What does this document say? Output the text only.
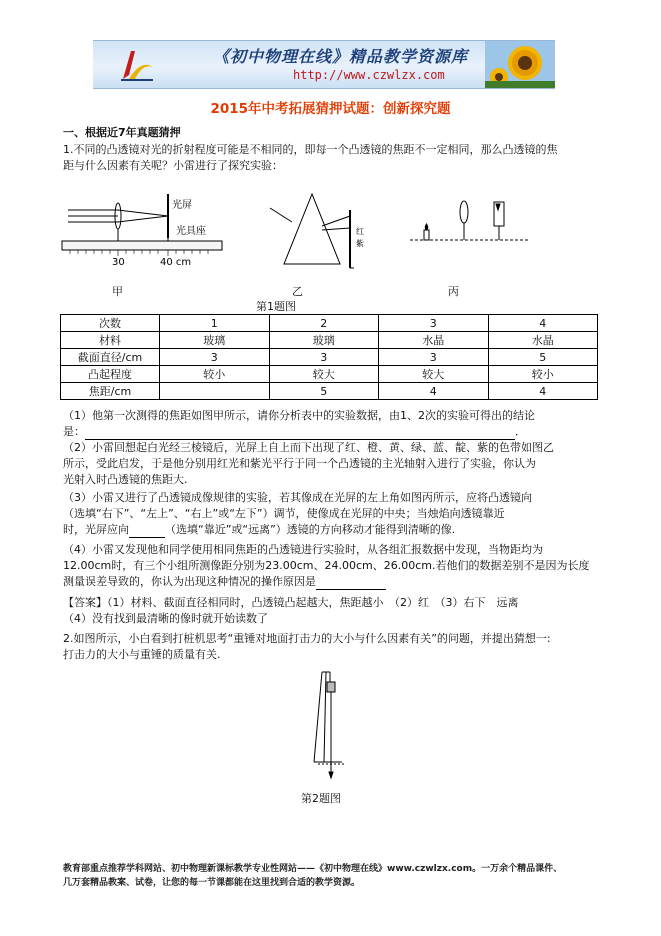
《初中物理在线》精品教学资源库
http://www.czwlzx.com
2015年中考拓展猜押试题：创新探究题
一、根据近7年真题猜押
1.不同的凸透镜对光的折射程度可能是不相同的，即每一个凸透镜的焦距不一定相同，那么凸透镜的焦
距与什么因素有关呢？小雷进行了探究实验：
光屏
光具座
30	40 cm
红
紫
甲	乙	丙
第1题图
次数	1	2	3	4
材料	玻璃	玻璃	水晶	水晶
截面直径/cm	3	3	3	5
凸起程度	较小	较大	较大	较小
焦距/cm		5	4	4
（1）他第一次测得的焦距如图甲所示，请你分析表中的实验数据，由1、2次的实验可得出的结论
是：	．
（2）小雷回想起白光经三棱镜后，光屏上自上而下出现了红、橙、黄、绿、蓝、靛、紫的色带如图乙
所示，受此启发，于是他分别用红光和紫光平行于同一个凸透镜的主光轴射入进行了实验，你认为
光射入时凸透镜的焦距大.
（3）小雷又进行了凸透镜成像规律的实验，若其像成在光屏的左上角如图丙所示，应将凸透镜向
（选填“右下”、“左上”、“右上”或“左下”）调节，使像成在光屏的中央；当烛焰向透镜靠近
时，光屏应向	（选填“靠近”或“远离”）透镜的方向移动才能得到清晰的像.
（4）小雷又发现他和同学使用相同焦距的凸透镜进行实验时，从各组汇报数据中发现，当物距均为
12.00cm时，有三个小组所测像距分别为23.00cm、24.00cm、26.00cm.若他们的数据差别不是因为长度
测量误差导致的，你认为出现这种情况的操作原因是
【答案】（1）材料、截面直径相同时，凸透镜凸起越大，焦距越小　（2）红　（3）右下　远离
（4）没有找到最清晰的像时就开始读数了
2.如图所示，小白看到打桩机思考“重锤对地面打击力的大小与什么因素有关”的问题，并提出猜想一:
打击力的大小与重锤的质量有关.
第2题图
教育部重点推荐学科网站、初中物理新课标教学专业性网站——《初中物理在线》www.czwlzx.com。一万余个精品课件、
几万套精品教案、试卷，让您的每一节课都能在这里找到合适的教学资源。
